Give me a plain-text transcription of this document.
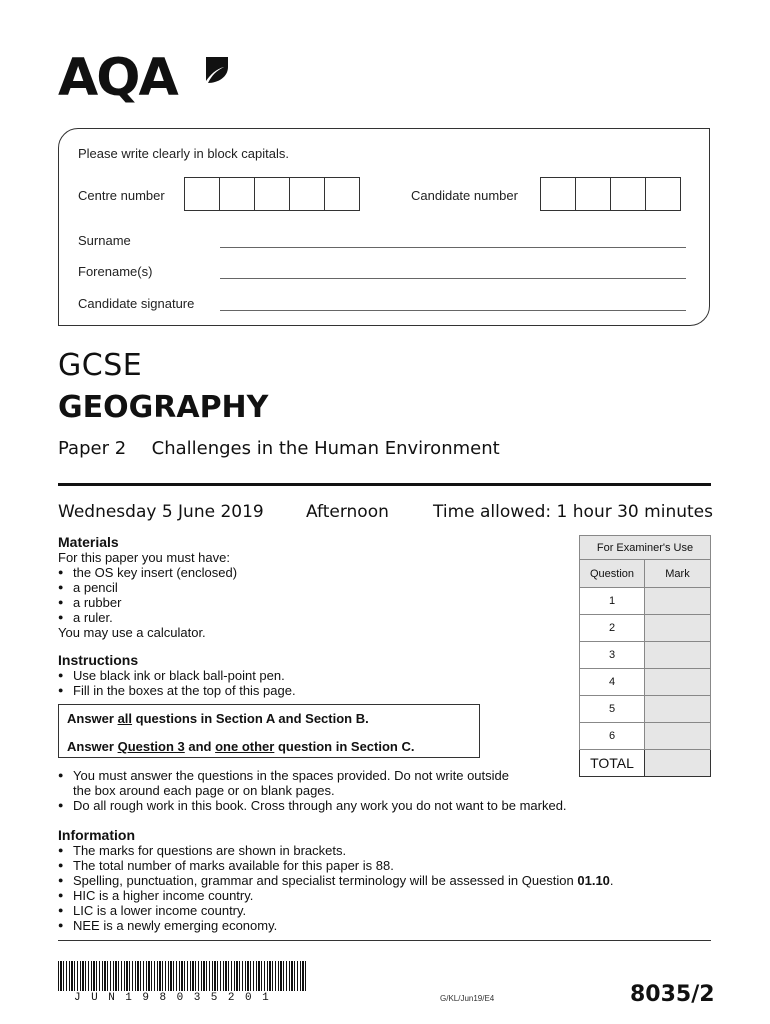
AQA
Please write clearly in block capitals.
Centre number	Candidate number
Surname
Forename(s)
Candidate signature
GCSE
GEOGRAPHY
Paper 2 Challenges in the Human Environment
Wednesday 5 June 2019 Afternoon	Time allowed: 1 hour 30 minutes
Materials
For this paper you must have:
● the OS key insert (enclosed)
● a pencil
● a rubber
● a ruler.
You may use a calculator.
Instructions
● Use black ink or black ball-point pen.
● Fill in the boxes at the top of this page.
Answer all questions in Section A and Section B.
Answer Question 3 and one other question in Section C.
● You must answer the questions in the spaces provided. Do not write outside
the box around each page or on blank pages.
● Do all rough work in this book. Cross through any work you do not want to be marked.
Information
● The marks for questions are shown in brackets.
● The total number of marks available for this paper is 88.
● Spelling, punctuation, grammar and specialist terminology will be assessed in Question 01.10.
● HIC is a higher income country.
● LIC is a lower income country.
● NEE is a newly emerging economy.
For Examiner's Use	
Question	Mark
1	
2	
3	
4	
5	
6	
TOTAL	
JUN198035201	G/KL/Jun19/E4	8035/2
